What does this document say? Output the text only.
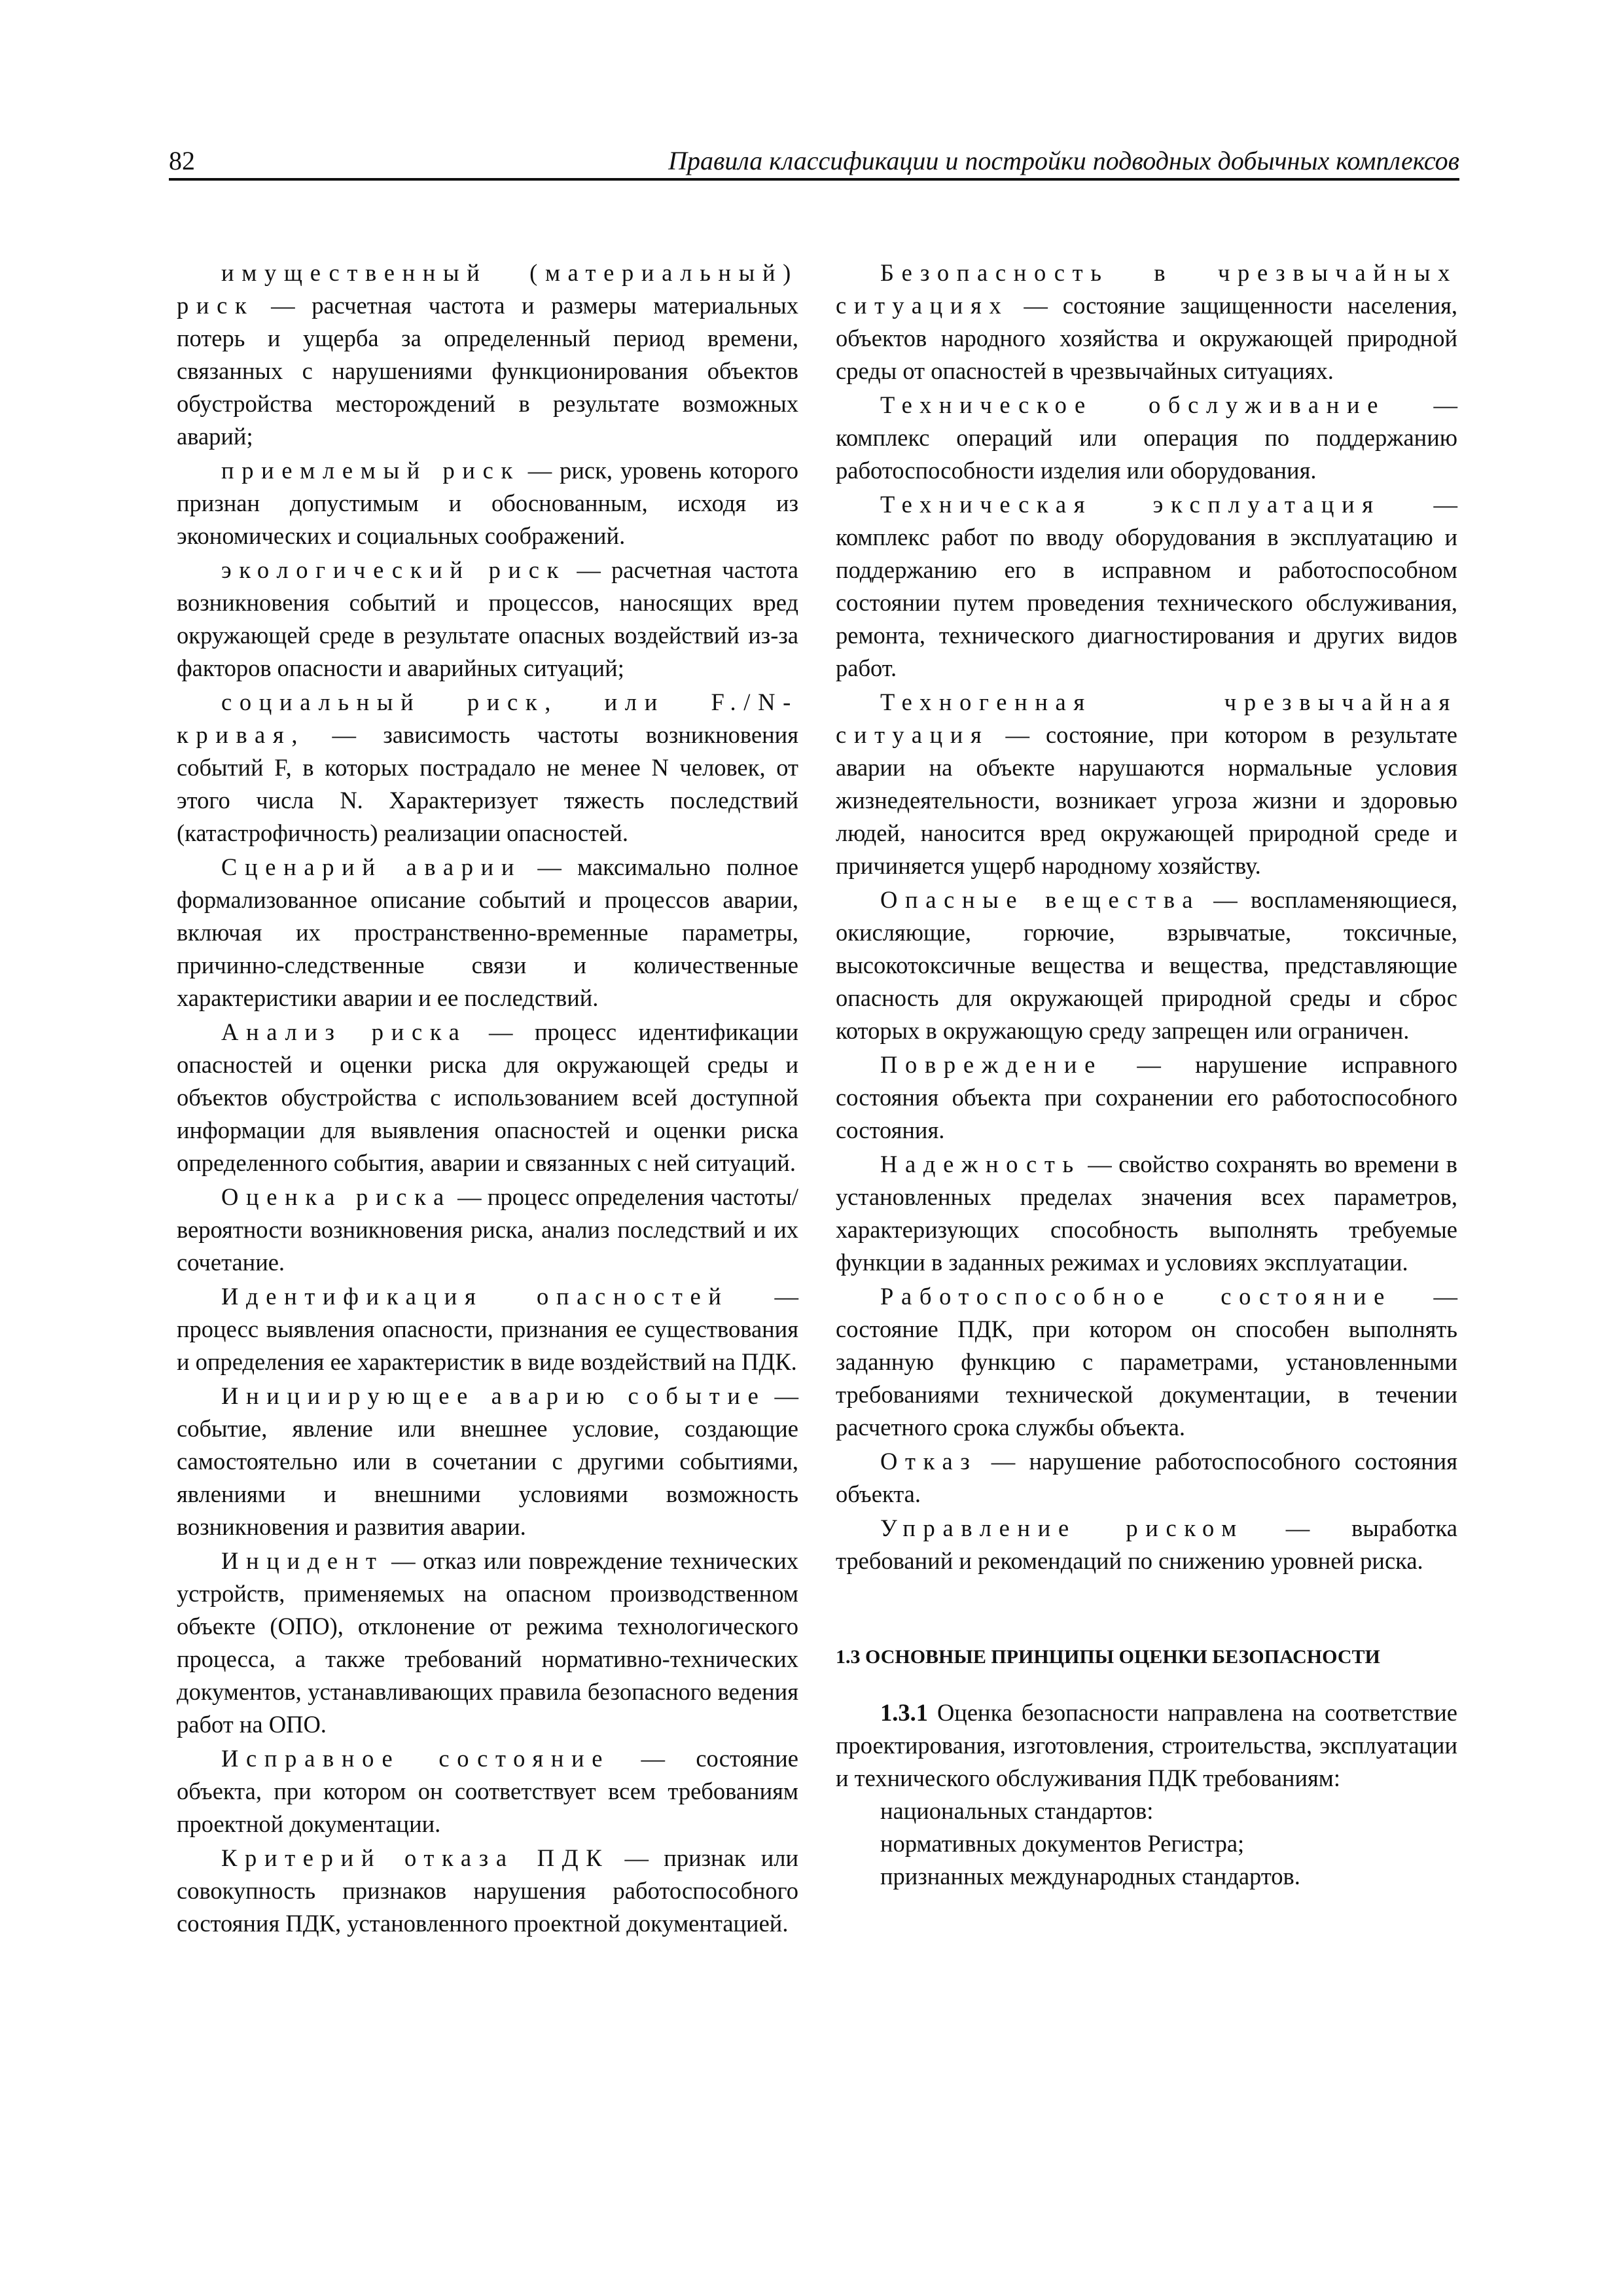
82	Правила классификации и постройки подводных добычных комплексов

имущественный (материальный) риск — расчетная частота и размеры материальных потерь и ущерба за определенный период времени, связанных с нарушениями функционирования объектов обустройства месторождений в результате возможных аварий;

приемлемый риск — риск, уровень которого признан допустимым и обоснованным, исходя из экономических и социальных соображений.

экологический риск — расчетная частота возникновения событий и процессов, наносящих вред окружающей среде в результате опасных воздействий из-за факторов опасности и аварийных ситуаций;

социальный риск, или F./N-кривая, — зависимость частоты возникновения событий F, в которых пострадало не менее N человек, от этого числа N. Характеризует тяжесть последствий (катастрофичность) реализации опасностей.

Сценарий аварии — максимально полное формализованное описание событий и процессов аварии, включая их пространственно-временные параметры, причинно-следственные связи и количественные характеристики аварии и ее последствий.

Анализ риска — процесс идентификации опасностей и оценки риска для окружающей среды и объектов обустройства с использованием всей доступной информации для выявления опасностей и оценки риска определенного события, аварии и связанных с ней ситуаций.

Оценка риска — процесс определения частоты/вероятности возникновения риска, анализ последствий и их сочетание.

Идентификация опасностей — процесс выявления опасности, признания ее существования и определения ее характеристик в виде воздействий на ПДК.

Инициирующее аварию событие — событие, явление или внешнее условие, создающие самостоятельно или в сочетании с другими событиями, явлениями и внешними условиями возможность возникновения и развития аварии.

Инцидент — отказ или повреждение технических устройств, применяемых на опасном производственном объекте (ОПО), отклонение от режима технологического процесса, а также требований нормативно-технических документов, устанавливающих правила безопасного ведения работ на ОПО.

Исправное состояние — состояние объекта, при котором он соответствует всем требованиям проектной документации.

Критерий отказа ПДК — признак или совокупность признаков нарушения работоспособного состояния ПДК, установленного проектной документацией.

Безопасность в чрезвычайных ситуациях — состояние защищенности населения, объектов народного хозяйства и окружающей природной среды от опасностей в чрезвычайных ситуациях.

Техническое обслуживание — комплекс операций или операция по поддержанию работоспособности изделия или оборудования.

Техническая эксплуатация — комплекс работ по вводу оборудования в эксплуатацию и поддержанию его в исправном и работоспособном состоянии путем проведения технического обслуживания, ремонта, технического диагностирования и других видов работ.

Техногенная чрезвычайная ситуация — состояние, при котором в результате аварии на объекте нарушаются нормальные условия жизнедеятельности, возникает угроза жизни и здоровью людей, наносится вред окружающей природной среде и причиняется ущерб народному хозяйству.

Опасные вещества — воспламеняющиеся, окисляющие, горючие, взрывчатые, токсичные, высокотоксичные вещества и вещества, представляющие опасность для окружающей природной среды и сброс которых в окружающую среду запрещен или ограничен.

Повреждение — нарушение исправного состояния объекта при сохранении его работоспособного состояния.

Надежность — свойство сохранять во времени в установленных пределах значения всех параметров, характеризующих способность выполнять требуемые функции в заданных режимах и условиях эксплуатации.

Работоспособное состояние — состояние ПДК, при котором он способен выполнять заданную функцию с параметрами, установленными требованиями технической документации, в течении расчетного срока службы объекта.

Отказ — нарушение работоспособного состояния объекта.

Управление риском — выработка требований и рекомендаций по снижению уровней риска.

1.3 ОСНОВНЫЕ ПРИНЦИПЫ ОЦЕНКИ БЕЗОПАСНОСТИ

1.3.1 Оценка безопасности направлена на соответствие проектирования, изготовления, строительства, эксплуатации и технического обслуживания ПДК требованиям:

национальных стандартов:

нормативных документов Регистра;

признанных международных стандартов.
